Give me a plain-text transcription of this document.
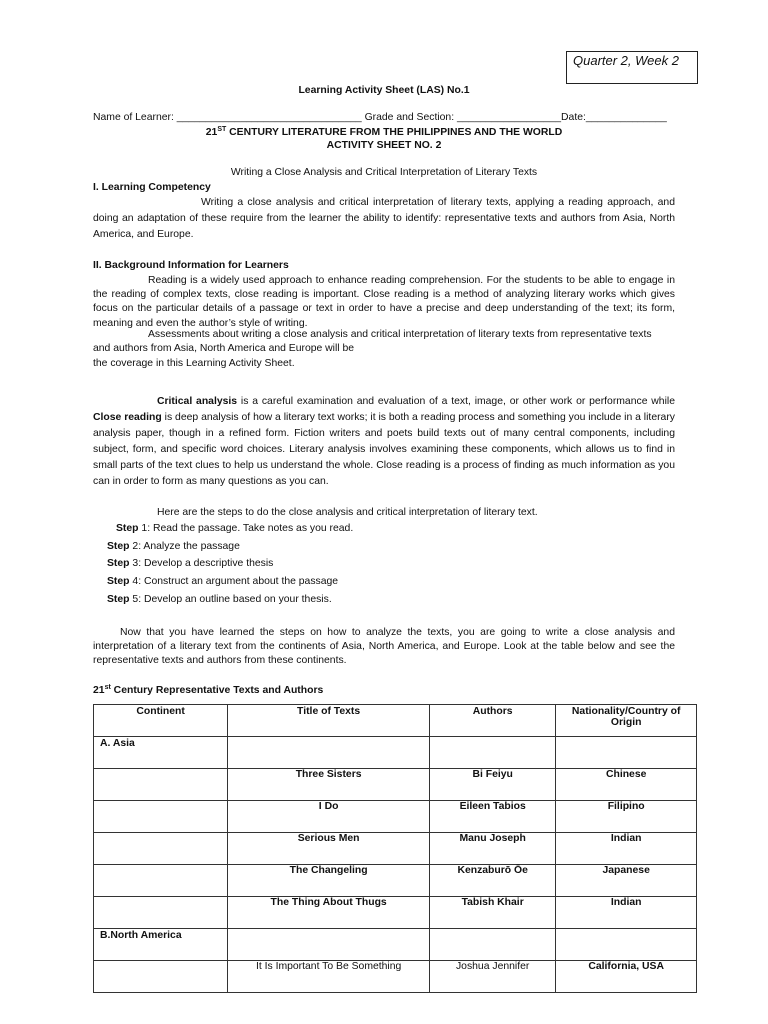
Quarter 2, Week 2
Learning Activity Sheet (LAS) No.1
Name of Learner: ________________________________ Grade and Section: __________________Date:______________
21ST CENTURY LITERATURE FROM THE PHILIPPINES AND THE WORLD
ACTIVITY SHEET NO. 2
Writing a Close Analysis and Critical Interpretation of Literary Texts
I. Learning Competency
Writing a close analysis and critical interpretation of literary texts, applying a reading approach, and doing an adaptation of these require from the learner the ability to identify: representative texts and authors from Asia, North America, and Europe.
II. Background Information for Learners
Reading is a widely used approach to enhance reading comprehension. For the students to be able to engage in the reading of complex texts, close reading is important. Close reading is a method of analyzing literary works which gives focus on the particular details of a passage or text in order to have a precise and deep understanding of the text; its form, meaning and even the author’s style of writing.
Assessments about writing a close analysis and critical interpretation of literary texts from representative texts
and authors from Asia, North America and Europe will be
the coverage in this Learning Activity Sheet.
Critical analysis is a careful examination and evaluation of a text, image, or other work or performance while Close reading is deep analysis of how a literary text works; it is both a reading process and something you include in a literary analysis paper, though in a refined form. Fiction writers and poets build texts out of many central components, including subject, form, and specific word choices. Literary analysis involves examining these components, which allows us to find in small parts of the text clues to help us understand the whole. Close reading is a process of finding as much information as you can in order to form as many questions as you can.
Here are the steps to do the close analysis and critical interpretation of literary text.
Step 1: Read the passage. Take notes as you read.
Step 2: Analyze the passage
Step 3: Develop a descriptive thesis
Step 4: Construct an argument about the passage
Step 5: Develop an outline based on your thesis.
Now that you have learned the steps on how to analyze the texts, you are going to write a close analysis and interpretation of a literary text from the continents of Asia, North America, and Europe. Look at the table below and see the representative texts and authors from these continents.
21st Century Representative Texts and Authors
Continent	Title of Texts	Authors	Nationality/Country of Origin
A. Asia			
	Three Sisters	Bi Feiyu	Chinese
	I Do	Eileen Tabios	Filipino
	Serious Men	Manu Joseph	Indian
	The Changeling	Kenzaburō Ōe	Japanese
	The Thing About Thugs	Tabish Khair	Indian
B.North America			
	It Is Important To Be Something	Joshua Jennifer	California, USA
